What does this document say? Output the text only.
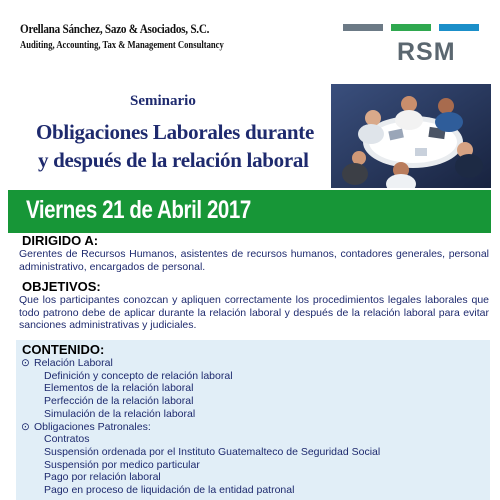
Orellana Sánchez, Sazo & Asociados, S.C.
Auditing, Accounting, Tax & Management Consultancy	RSM
Seminario
Obligaciones Laborales durante
y después de la relación laboral
Viernes 21 de Abril 2017
DIRIGIDO A:
Gerentes de Recursos Humanos, asistentes de recursos humanos, contadores generales, personal administrativo, encargados de personal.
OBJETIVOS:
Que los participantes conozcan y apliquen correctamente los procedimientos legales laborales que todo patrono debe de aplicar durante la relación laboral y después de la relación laboral para evitar sanciones administrativas y judiciales.
CONTENIDO:
⊙ Relación Laboral
Definición y concepto de relación laboral
Elementos de la relación laboral
Perfección de la relación laboral
Simulación de la relación laboral
⊙ Obligaciones Patronales:
Contratos
Suspensión ordenada por el Instituto Guatemalteco de Seguridad Social
Suspensión por medico particular
Pago por relación laboral
Pago en proceso de liquidación de la entidad patronal
